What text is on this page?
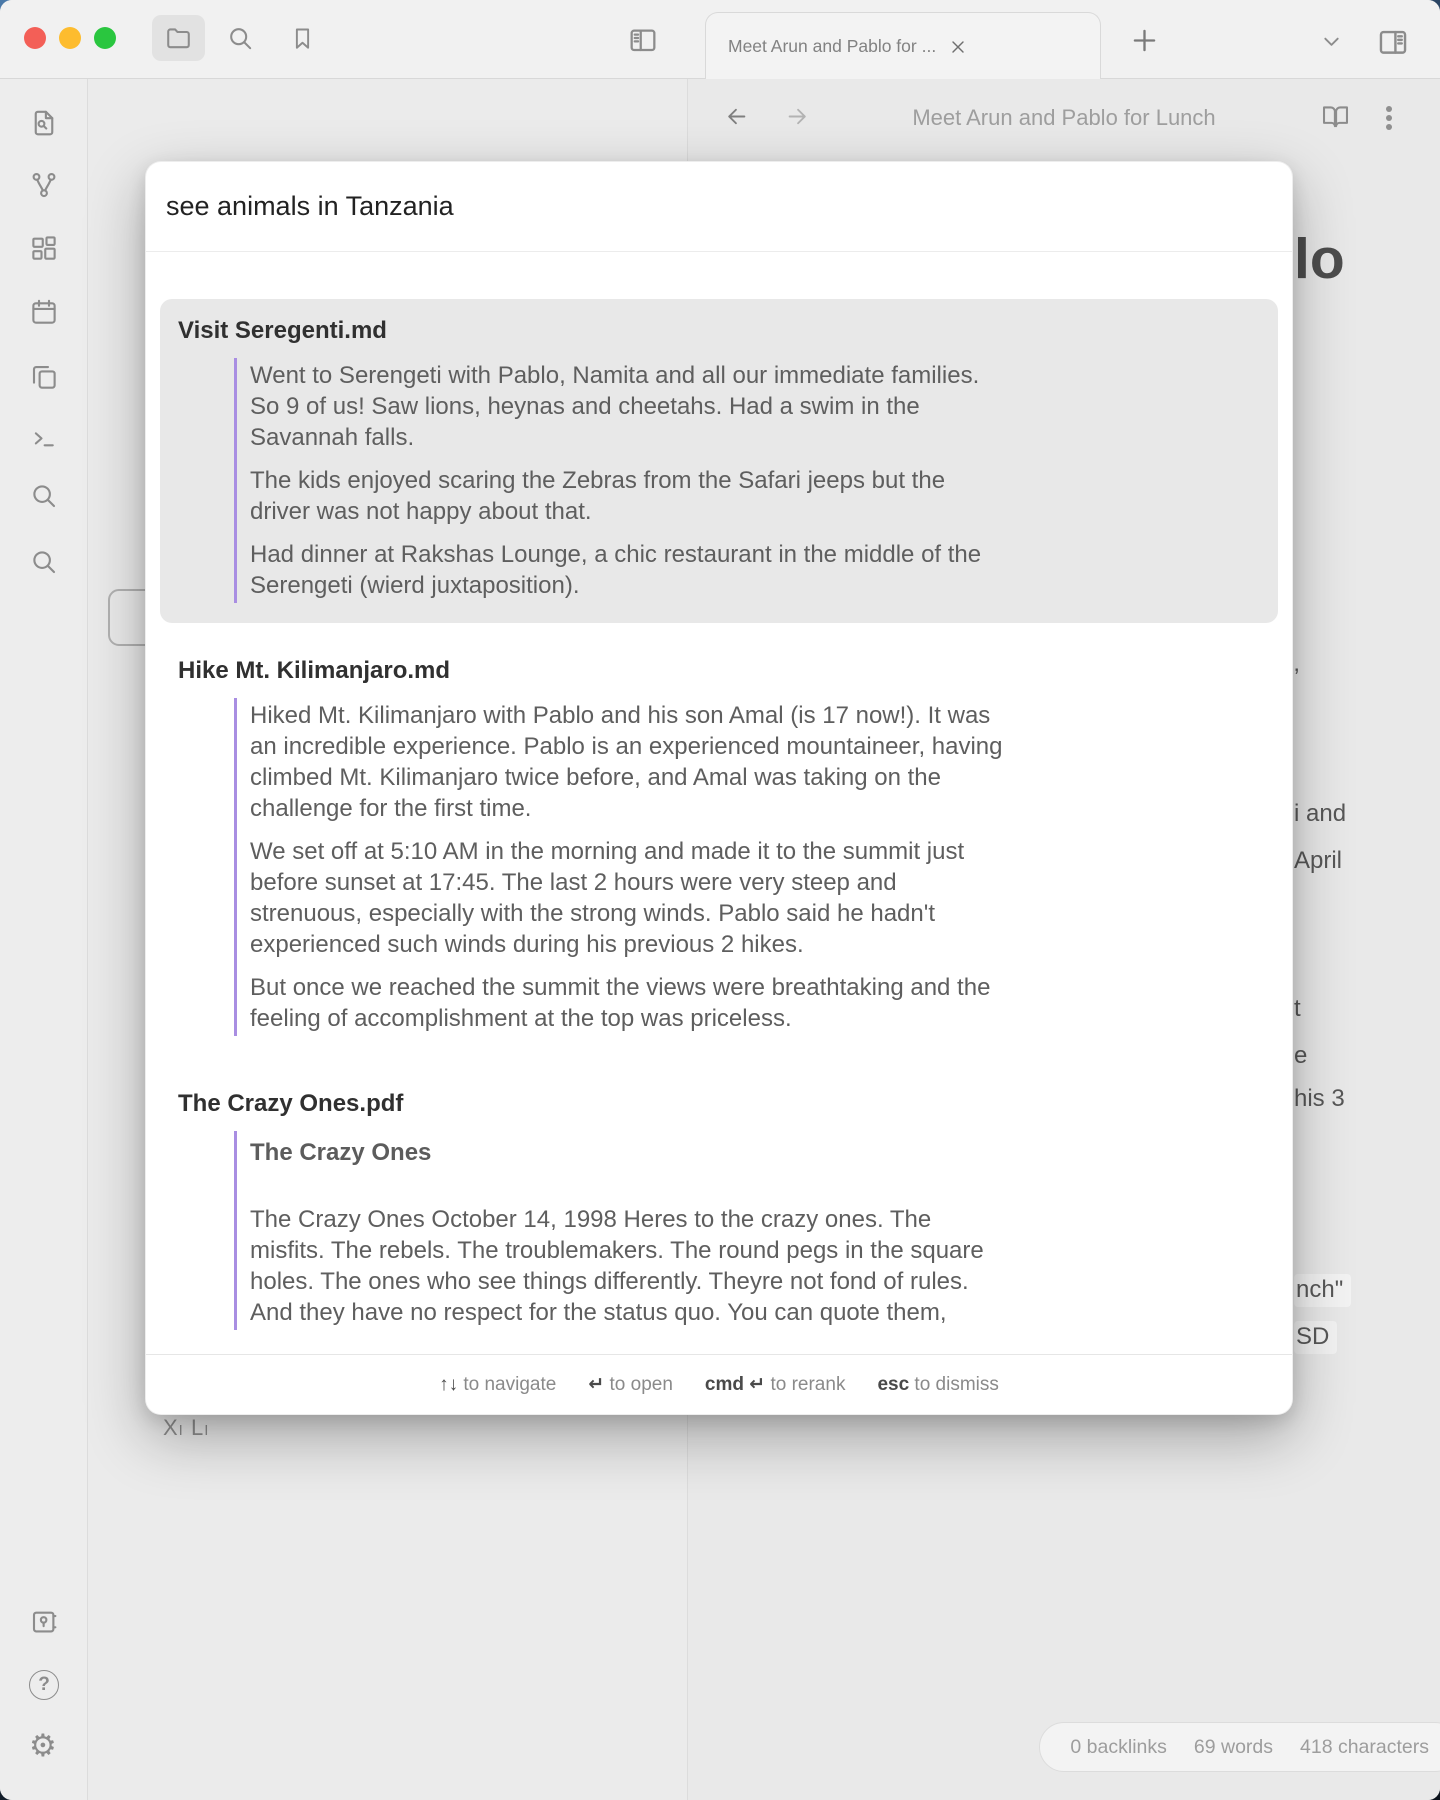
Meet Arun and Pablo for ...
?
⚙
Xi Li
Meet Arun and Pablo for Lunch
lo
’
i and
April
t
e
his 3
nch"
SD
0 backlinks 69 words 418 characters
see animals in Tanzania
Visit Seregenti.md
Went to Serengeti with Pablo, Namita and all our immediate families.
So 9 of us! Saw lions, heynas and cheetahs. Had a swim in the
Savannah falls.
The kids enjoyed scaring the Zebras from the Safari jeeps but the
driver was not happy about that.
Had dinner at Rakshas Lounge, a chic restaurant in the middle of the
Serengeti (wierd juxtaposition).
Hike Mt. Kilimanjaro.md
Hiked Mt. Kilimanjaro with Pablo and his son Amal (is 17 now!). It was
an incredible experience. Pablo is an experienced mountaineer, having
climbed Mt. Kilimanjaro twice before, and Amal was taking on the
challenge for the first time.
We set off at 5:10 AM in the morning and made it to the summit just
before sunset at 17:45. The last 2 hours were very steep and
strenuous, especially with the strong winds. Pablo said he hadn't
experienced such winds during his previous 2 hikes.
But once we reached the summit the views were breathtaking and the
feeling of accomplishment at the top was priceless.
The Crazy Ones.pdf
The Crazy Ones
The Crazy Ones October 14, 1998 Heres to the crazy ones. The
misfits. The rebels. The troublemakers. The round pegs in the square
holes. The ones who see things differently. Theyre not fond of rules.
And they have no respect for the status quo. You can quote them,
↑↓ to navigate ↵ to open cmd ↵ to rerank esc to dismiss
